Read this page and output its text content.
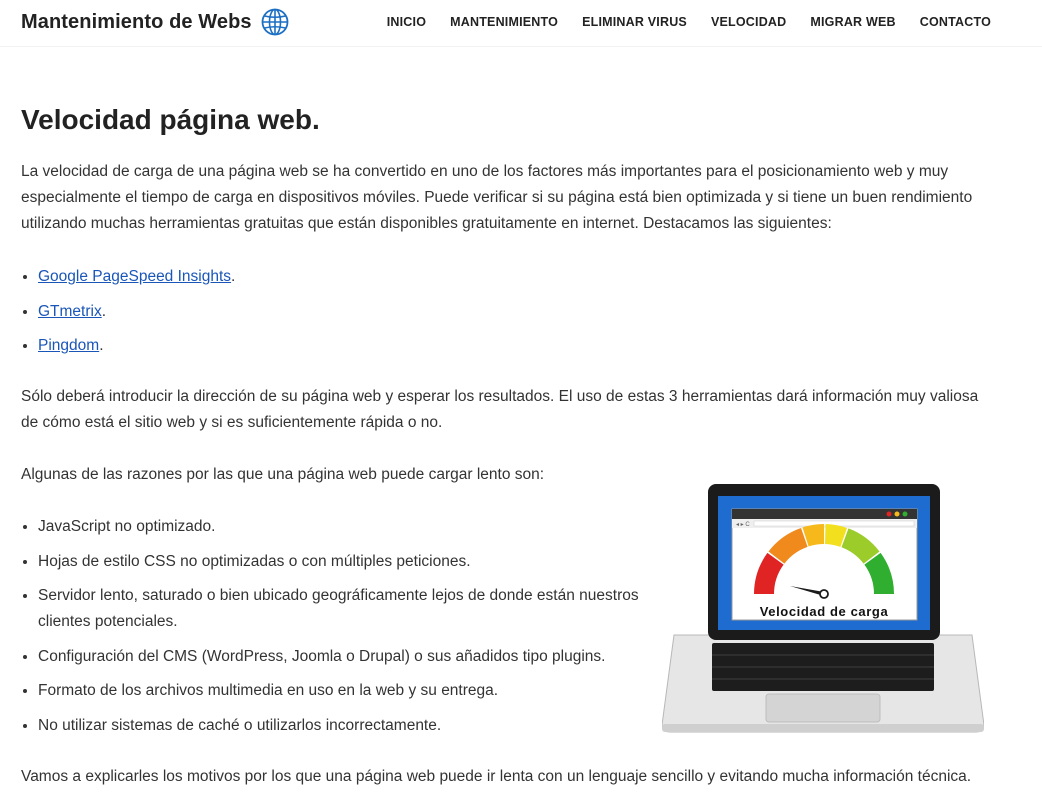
Mantenimiento de Webs	INICIO MANTENIMIENTO ELIMINAR VIRUS VELOCIDAD MIGRAR WEB CONTACTO
Velocidad página web.

La velocidad de carga de una página web se ha convertido en uno de los factores más importantes para el posicionamiento web y muy especialmente el tiempo de carga en dispositivos móviles. Puede verificar si su página está bien optimizada y si tiene un buen rendimiento utilizando muchas herramientas gratuitas que están disponibles gratuitamente en internet. Destacamos las siguientes:

• Google PageSpeed Insights.
• GTmetrix.
• Pingdom.

Sólo deberá introducir la dirección de su página web y esperar los resultados. El uso de estas 3 herramientas dará información muy valiosa de cómo está el sitio web y si es suficientemente rápida o no.

Algunas de las razones por las que una página web puede cargar lento son:

• JavaScript no optimizado.
• Hojas de estilo CSS no optimizadas o con múltiples peticiones.
• Servidor lento, saturado o bien ubicado geográficamente lejos de donde están nuestros clientes potenciales.
• Configuración del CMS (WordPress, Joomla o Drupal) o sus añadidos tipo plugins.
• Formato de los archivos multimedia en uso en la web y su entrega.
• No utilizar sistemas de caché o utilizarlos incorrectamente.
◂ ▸ C
Velocidad de carga

Vamos a explicarles los motivos por los que una página web puede ir lenta con un lenguaje sencillo y evitando mucha información técnica.
